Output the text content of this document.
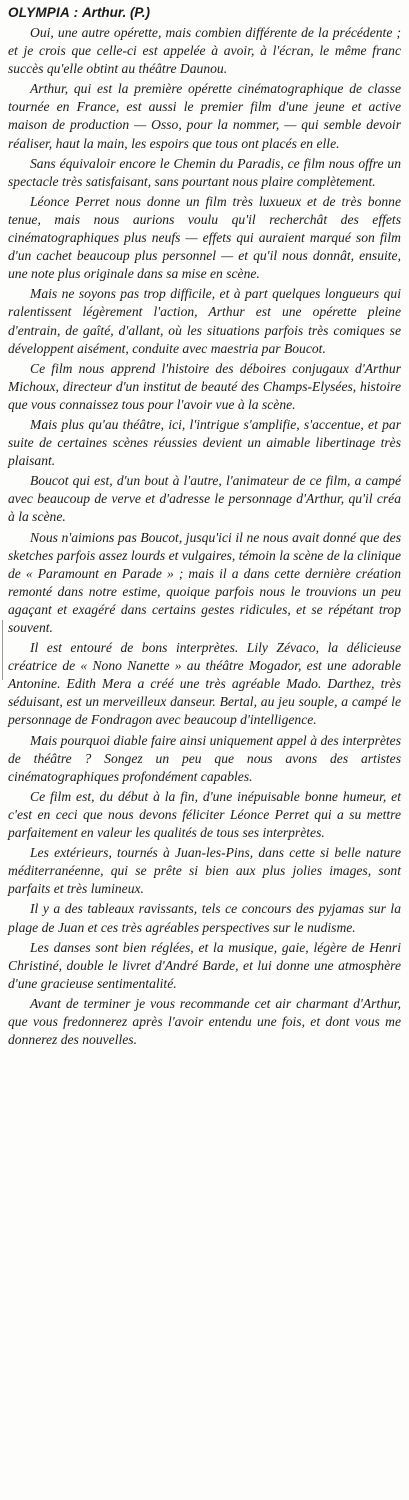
OLYMPIA : Arthur. (P.)

Oui, une autre opérette, mais combien différente de la précédente ; et je crois que celle-ci est appelée à avoir, à l'écran, le même franc succès qu'elle obtint au théâtre Daunou.

Arthur, qui est la première opérette cinématographique de classe tournée en France, est aussi le premier film d'une jeune et active maison de production — Osso, pour la nommer, — qui semble devoir réaliser, haut la main, les espoirs que tous ont placés en elle.

Sans équivaloir encore le Chemin du Paradis, ce film nous offre un spectacle très satisfaisant, sans pourtant nous plaire complètement.

Léonce Perret nous donne un film très luxueux et de très bonne tenue, mais nous aurions voulu qu'il recherchât des effets cinématographiques plus neufs — effets qui auraient marqué son film d'un cachet beaucoup plus personnel — et qu'il nous donnât, ensuite, une note plus originale dans sa mise en scène.

Mais ne soyons pas trop difficile, et à part quelques longueurs qui ralentissent légèrement l'action, Arthur est une opérette pleine d'entrain, de gaîté, d'allant, où les situations parfois très comiques se développent aisément, conduite avec maestria par Boucot.

Ce film nous apprend l'histoire des déboires conjugaux d'Arthur Michoux, directeur d'un institut de beauté des Champs-Elysées, histoire que vous connaissez tous pour l'avoir vue à la scène.

Mais plus qu'au théâtre, ici, l'intrigue s'amplifie, s'accentue, et par suite de certaines scènes réussies devient un aimable libertinage très plaisant.

Boucot qui est, d'un bout à l'autre, l'animateur de ce film, a campé avec beaucoup de verve et d'adresse le personnage d'Arthur, qu'il créa à la scène.

Nous n'aimions pas Boucot, jusqu'ici il ne nous avait donné que des sketches parfois assez lourds et vulgaires, témoin la scène de la clinique de « Paramount en Parade » ; mais il a dans cette dernière création remonté dans notre estime, quoique parfois nous le trouvions un peu agaçant et exagéré dans certains gestes ridicules, et se répétant trop souvent.

Il est entouré de bons interprètes. Lily Zévaco, la délicieuse créatrice de « Nono Nanette » au théâtre Mogador, est une adorable Antonine. Edith Mera a créé une très agréable Mado. Darthez, très séduisant, est un merveilleux danseur. Bertal, au jeu souple, a campé le personnage de Fondragon avec beaucoup d'intelligence.

Mais pourquoi diable faire ainsi uniquement appel à des interprètes de théâtre ? Songez un peu que nous avons des artistes cinématographiques profondément capables.

Ce film est, du début à la fin, d'une inépuisable bonne humeur, et c'est en ceci que nous devons féliciter Léonce Perret qui a su mettre parfaitement en valeur les qualités de tous ses interprètes.

Les extérieurs, tournés à Juan-les-Pins, dans cette si belle nature méditerranéenne, qui se prête si bien aux plus jolies images, sont parfaits et très lumineux.

Il y a des tableaux ravissants, tels ce concours des pyjamas sur la plage de Juan et ces très agréables perspectives sur le nudisme.

Les danses sont bien réglées, et la musique, gaie, légère de Henri Christiné, double le livret d'André Barde, et lui donne une atmosphère d'une gracieuse sentimentalité.

Avant de terminer je vous recommande cet air charmant d'Arthur, que vous fredonnerez après l'avoir entendu une fois, et dont vous me donnerez des nouvelles.
